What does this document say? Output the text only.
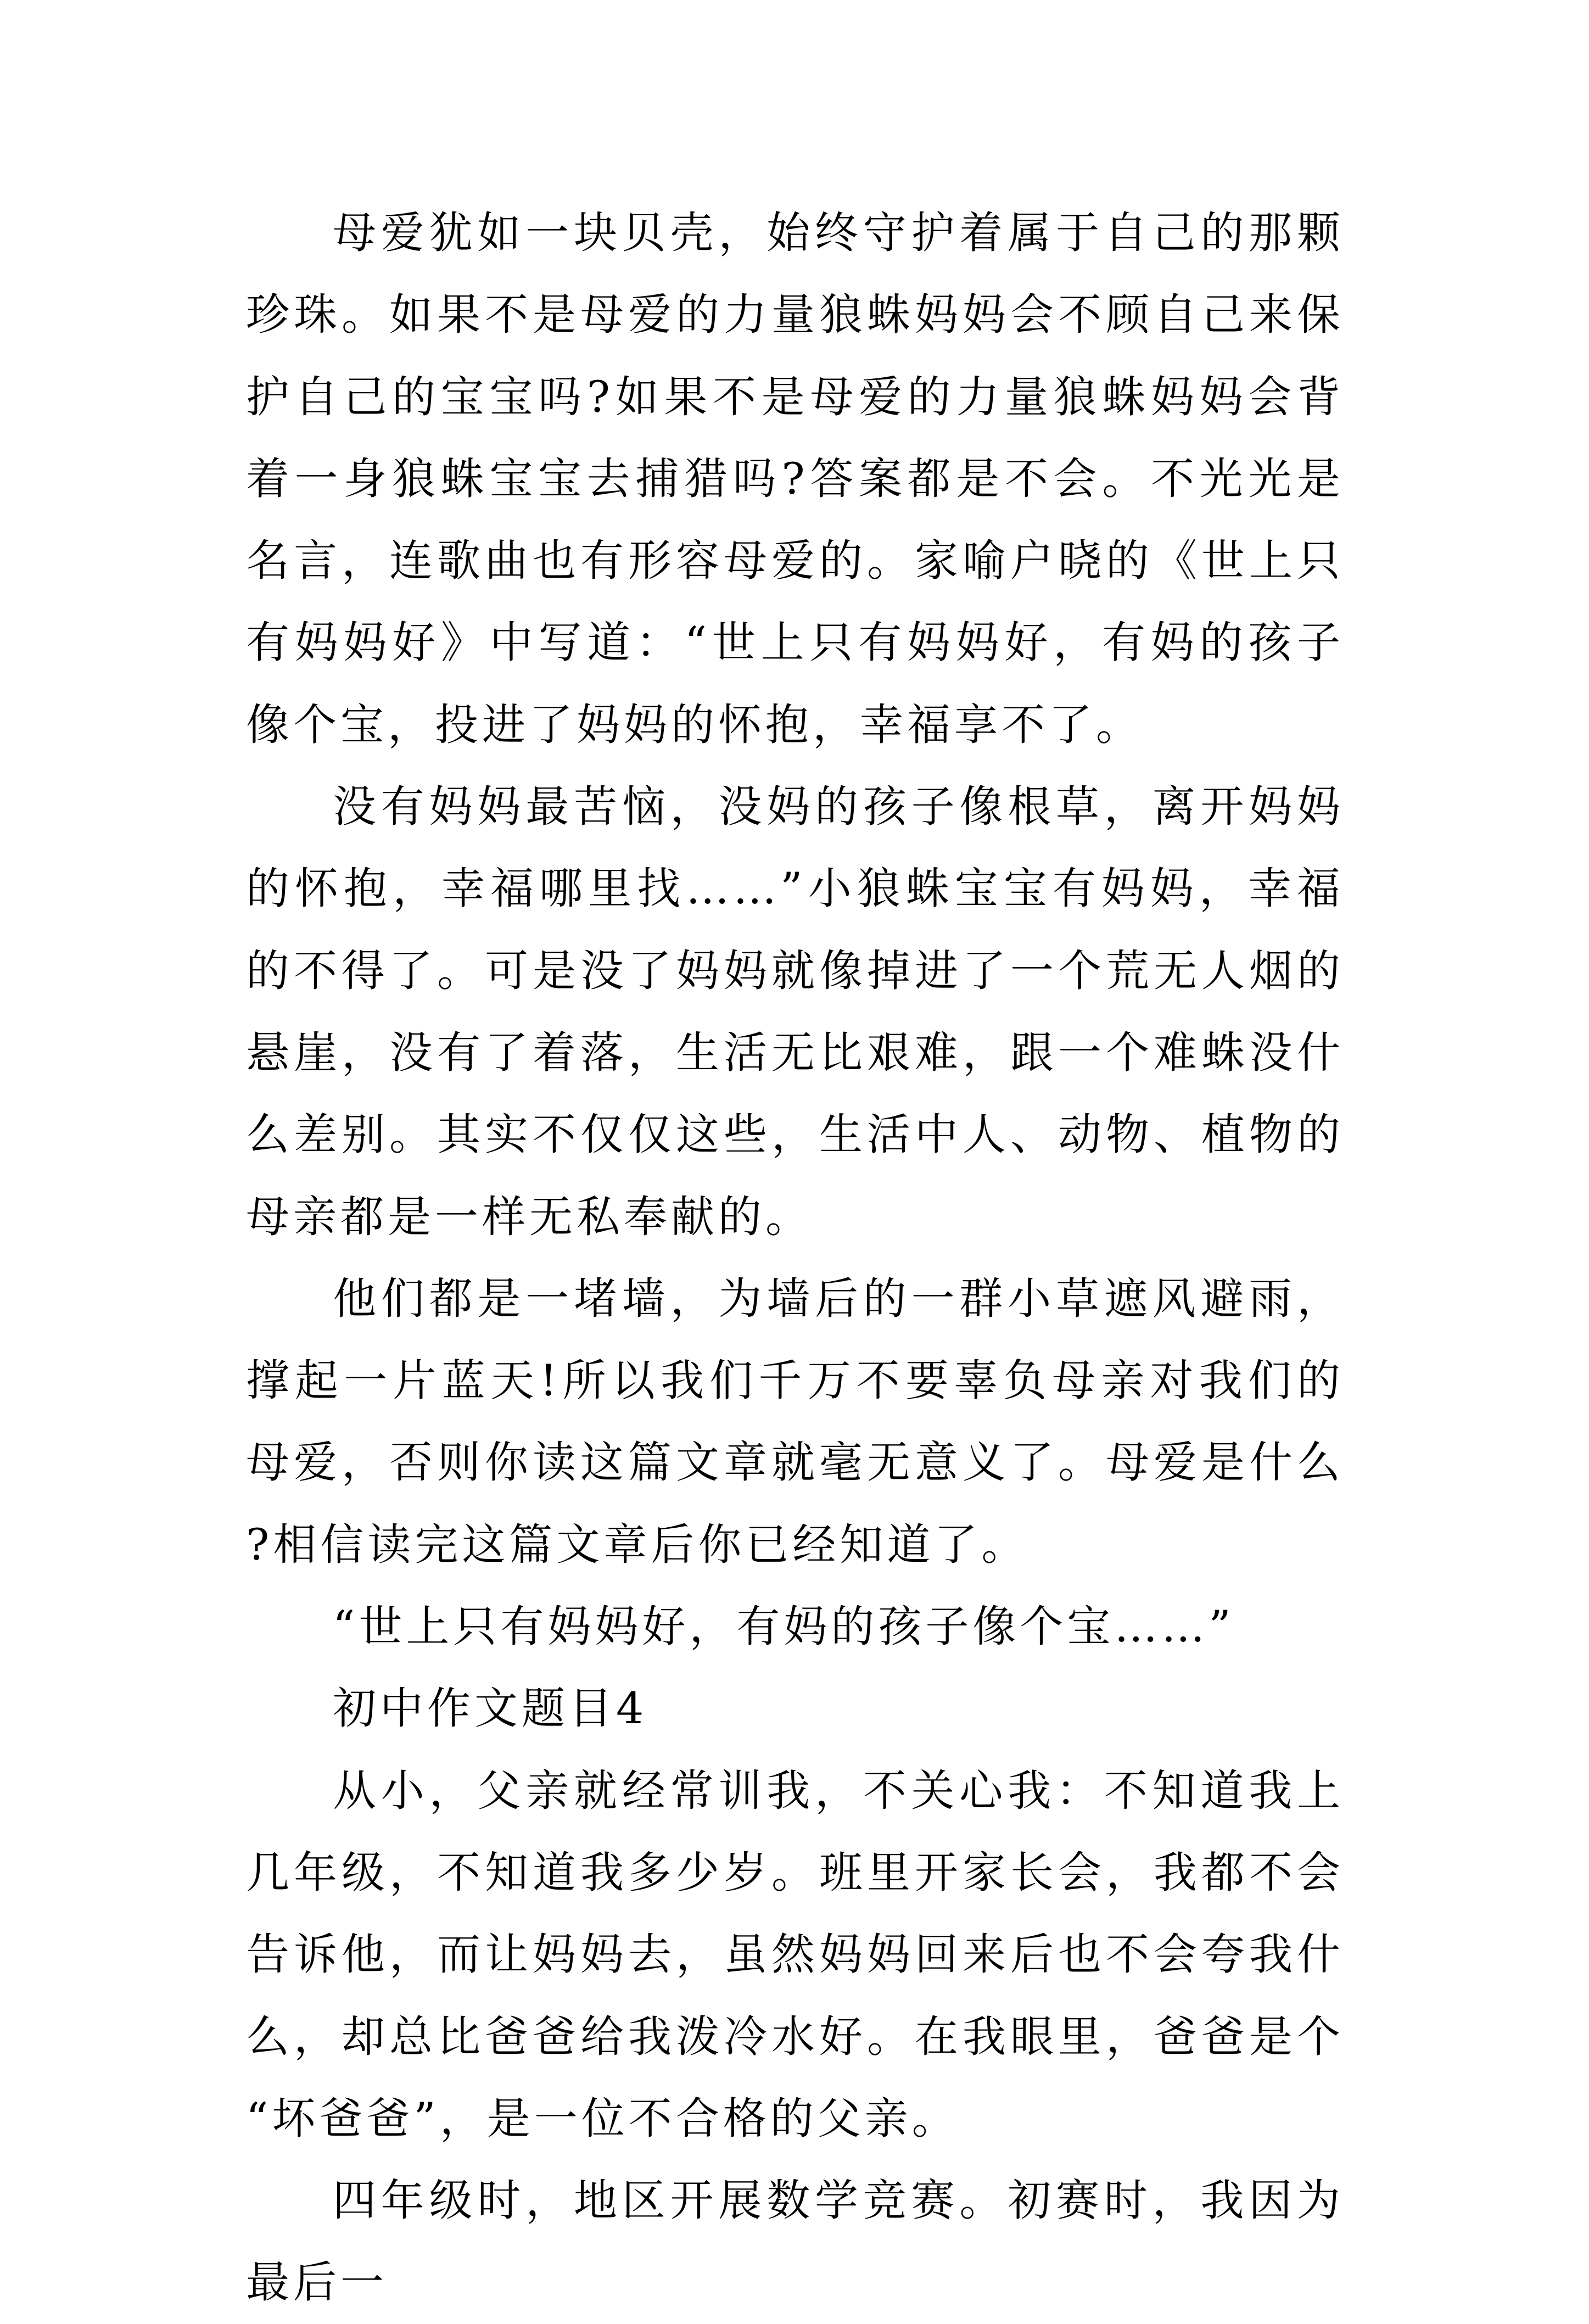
母爱犹如一块贝壳，始终守护着属于自己的那颗珍珠。如果不是母爱的力量狼蛛妈妈会不顾自己来保护自己的宝宝吗?如果不是母爱的力量狼蛛妈妈会背着一身狼蛛宝宝去捕猎吗?答案都是不会。不光光是名言，连歌曲也有形容母爱的。家喻户晓的《世上只有妈妈好》中写道：“世上只有妈妈好，有妈的孩子像个宝，投进了妈妈的怀抱，幸福享不了。

没有妈妈最苦恼，没妈的孩子像根草，离开妈妈的怀抱，幸福哪里找……”小狼蛛宝宝有妈妈，幸福的不得了。可是没了妈妈就像掉进了一个荒无人烟的悬崖，没有了着落，生活无比艰难，跟一个难蛛没什么差别。其实不仅仅这些，生活中人、动物、植物的母亲都是一样无私奉献的。

他们都是一堵墙，为墙后的一群小草遮风避雨，撑起一片蓝天!所以我们千万不要辜负母亲对我们的母爱，否则你读这篇文章就毫无意义了。母爱是什么?相信读完这篇文章后你已经知道了。

“世上只有妈妈好，有妈的孩子像个宝……”

初中作文题目4

从小，父亲就经常训我，不关心我：不知道我上几年级，不知道我多少岁。班里开家长会，我都不会告诉他，而让妈妈去，虽然妈妈回来后也不会夸我什么，却总比爸爸给我泼冷水好。在我眼里，爸爸是个“坏爸爸”，是一位不合格的父亲。

四年级时，地区开展数学竞赛。初赛时，我因为最后一
